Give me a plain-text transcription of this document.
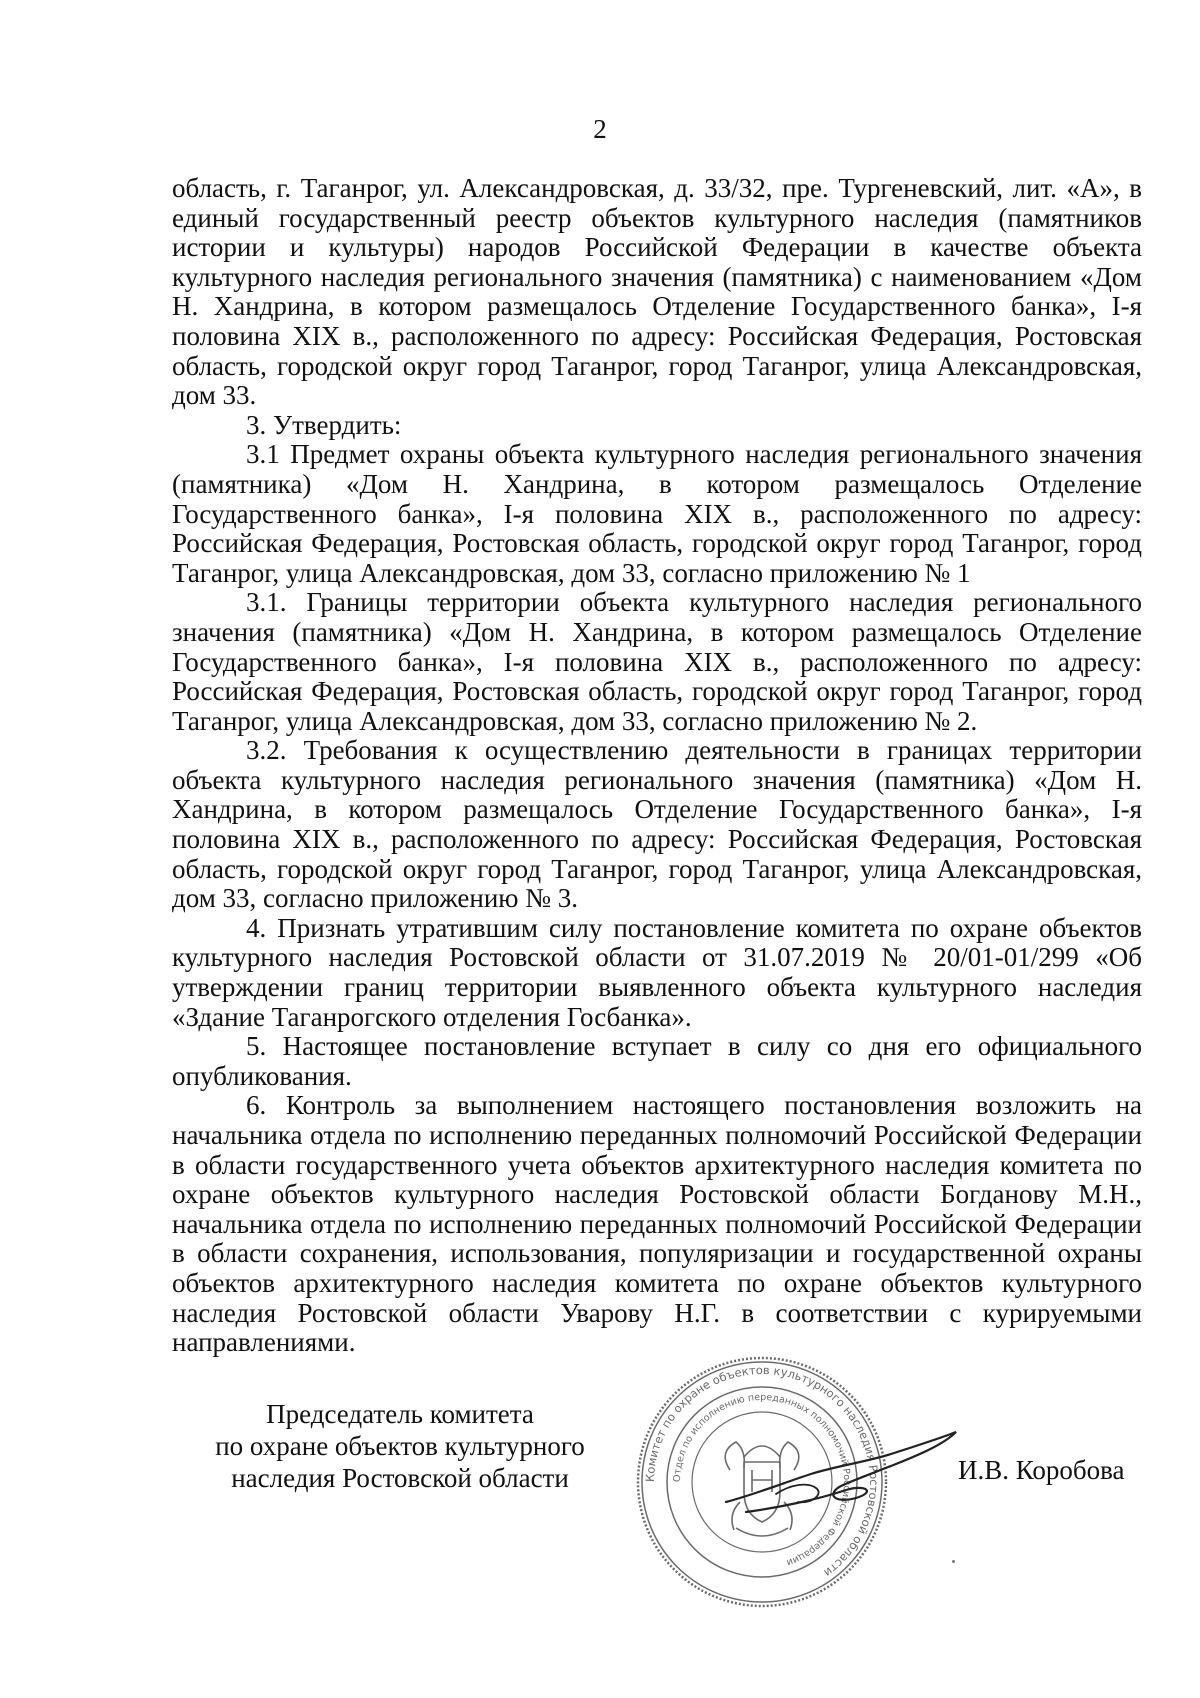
2

область, г. Таганрог, ул. Александровская, д. 33/32, пре. Тургеневский, лит. «А», в единый государственный реестр объектов культурного наследия (памятников истории и культуры) народов Российской Федерации в качестве объекта культурного наследия регионального значения (памятника) с наименованием «Дом Н. Хандрина, в котором размещалось Отделение Государственного банка», I-я половина XIX в., расположенного по адресу: Российская Федерация, Ростовская область, городской округ город Таганрог, город Таганрог, улица Александровская, дом 33.

3. Утвердить:

3.1 Предмет охраны объекта культурного наследия регионального значения (памятника) «Дом Н. Хандрина, в котором размещалось Отделение Государственного банка», I-я половина XIX в., расположенного по адресу: Российская Федерация, Ростовская область, городской округ город Таганрог, город Таганрог, улица Александровская, дом 33, согласно приложению № 1

3.1. Границы территории объекта культурного наследия регионального значения (памятника) «Дом Н. Хандрина, в котором размещалось Отделение Государственного банка», I-я половина XIX в., расположенного по адресу: Российская Федерация, Ростовская область, городской округ город Таганрог, город Таганрог, улица Александровская, дом 33, согласно приложению № 2.

3.2. Требования к осуществлению деятельности в границах территории объекта культурного наследия регионального значения (памятника) «Дом Н. Хандрина, в котором размещалось Отделение Государственного банка», I-я половина XIX в., расположенного по адресу: Российская Федерация, Ростовская область, городской округ город Таганрог, город Таганрог, улица Александровская, дом 33, согласно приложению № 3.

4. Признать утратившим силу постановление комитета по охране объектов культурного наследия Ростовской области от 31.07.2019 № 20/01-01/299 «Об утверждении границ территории выявленного объекта культурного наследия «Здание Таганрогского отделения Госбанка».

5. Настоящее постановление вступает в силу со дня его официального опубликования.

6. Контроль за выполнением настоящего постановления возложить на начальника отдела по исполнению переданных полномочий Российской Федерации в области государственного учета объектов архитектурного наследия комитета по охране объектов культурного наследия Ростовской области Богданову М.Н., начальника отдела по исполнению переданных полномочий Российской Федерации в области сохранения, использования, популяризации и государственной охраны объектов архитектурного наследия комитета по охране объектов культурного наследия Ростовской области Уварову Н.Г. в соответствии с курируемыми направлениями.

Председатель комитета
по охране объектов культурного
наследия Ростовской области	Комитет по охране объектов культурного наследия Ростовской области
Отдел по исполнению переданных полномочий Российской Федерации
И.В. Коробова
